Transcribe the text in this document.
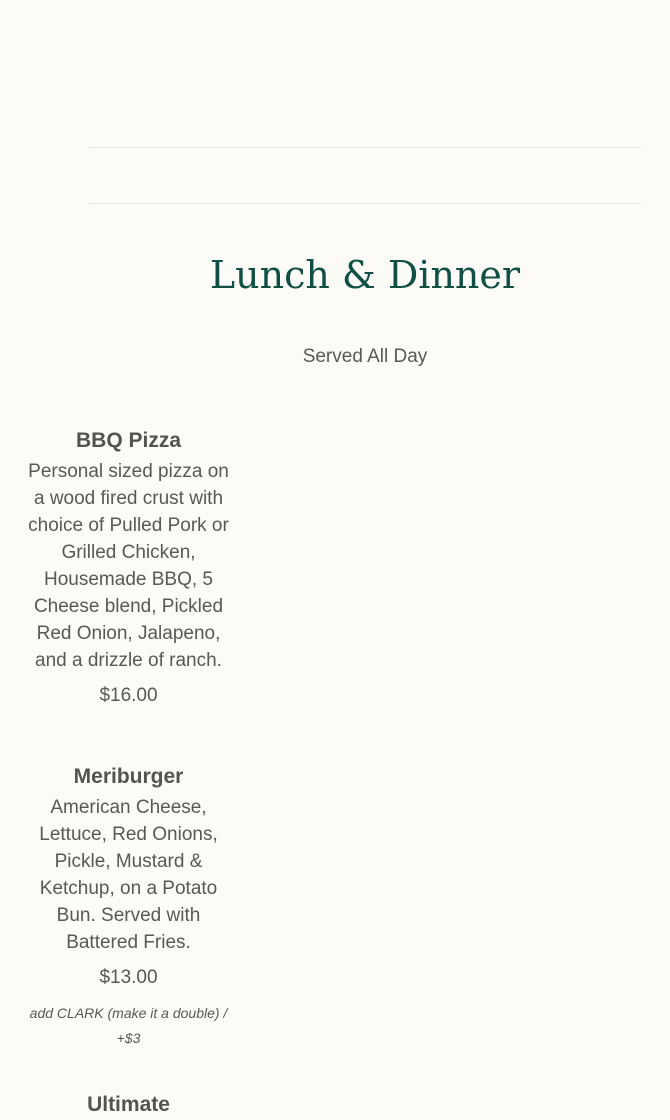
Lunch & Dinner

Served All Day

BBQ Pizza

Personal sized pizza on a wood fired crust with choice of Pulled Pork or Grilled Chicken, Housemade BBQ, 5 Cheese blend, Pickled Red Onion, Jalapeno, and a drizzle of ranch.

$16.00

Meriburger

American Cheese, Lettuce, Red Onions, Pickle, Mustard & Ketchup, on a Potato Bun. Served with Battered Fries.

$13.00

add CLARK (make it a double) / +$3

Ultimate
